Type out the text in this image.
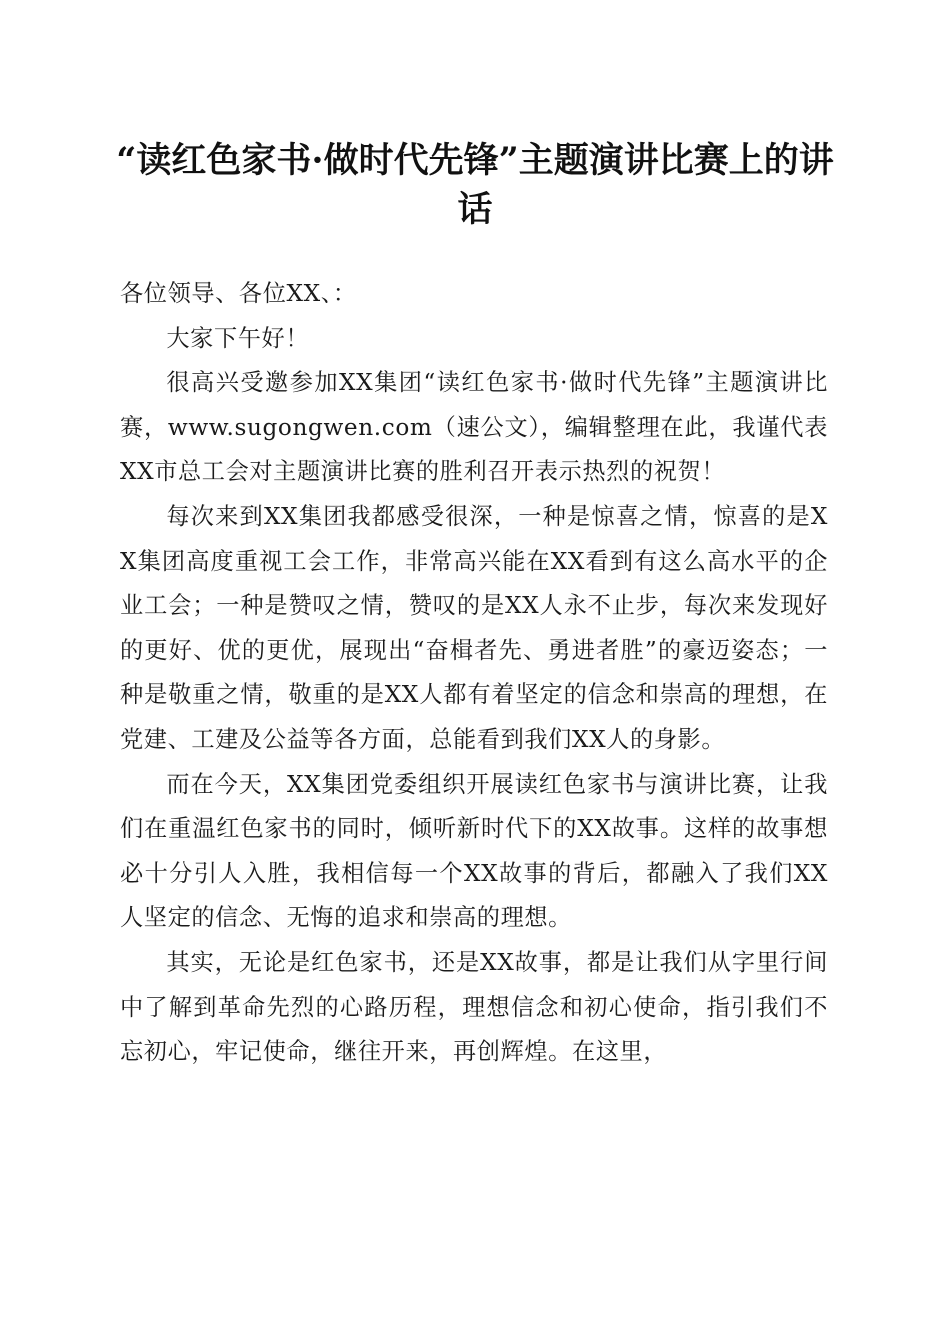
“读红色家书·做时代先锋”主题演讲比赛上的讲话

各位领导、各位XX、：

大家下午好！

很高兴受邀参加XX集团“读红色家书·做时代先锋”主题演讲比赛，www.sugongwen.com（速公文），编辑整理在此，我谨代表XX市总工会对主题演讲比赛的胜利召开表示热烈的祝贺！

每次来到XX集团我都感受很深，一种是惊喜之情，惊喜的是XX集团高度重视工会工作，非常高兴能在XX看到有这么高水平的企业工会；一种是赞叹之情，赞叹的是XX人永不止步，每次来发现好的更好、优的更优，展现出“奋楫者先、勇进者胜”的豪迈姿态；一种是敬重之情，敬重的是XX人都有着坚定的信念和崇高的理想，在党建、工建及公益等各方面，总能看到我们XX人的身影。

而在今天，XX集团党委组织开展读红色家书与演讲比赛，让我们在重温红色家书的同时，倾听新时代下的XX故事。这样的故事想必十分引人入胜，我相信每一个XX故事的背后，都融入了我们XX人坚定的信念、无悔的追求和崇高的理想。

其实，无论是红色家书，还是XX故事，都是让我们从字里行间中了解到革命先烈的心路历程，理想信念和初心使命，指引我们不忘初心，牢记使命，继往开来，再创辉煌。在这里，
